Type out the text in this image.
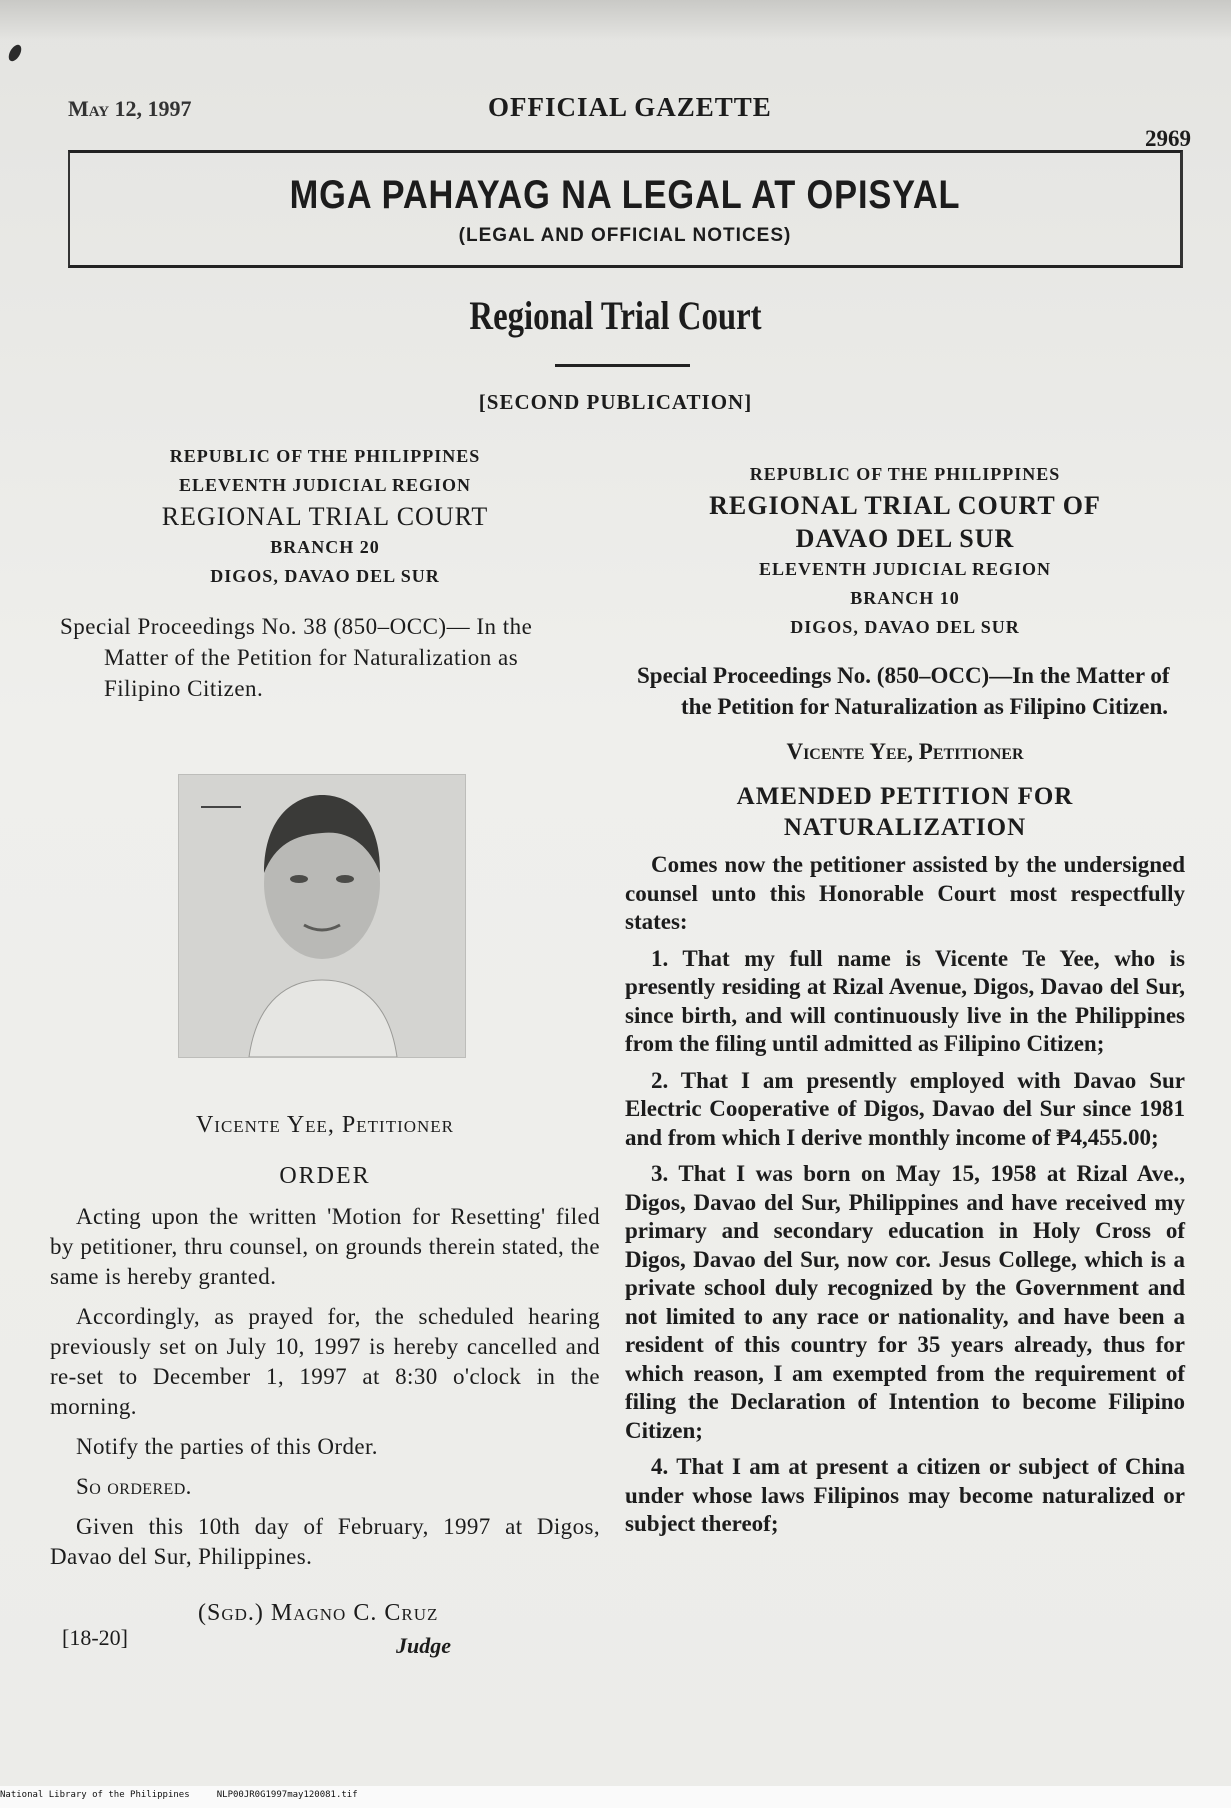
May 12, 1997	OFFICIAL GAZETTE
2969
MGA PAHAYAG NA LEGAL AT OPISYAL
(LEGAL AND OFFICIAL NOTICES)
Regional Trial Court
[SECOND PUBLICATION]
REPUBLIC OF THE PHILIPPINES
ELEVENTH JUDICIAL REGION
REGIONAL TRIAL COURT
BRANCH 20
DIGOS, DAVAO DEL SUR
Special Proceedings No. 38 (850–OCC)— In the Matter of the Petition for Naturalization as Filipino Citizen.
Vicente Yee, Petitioner
ORDER

Acting upon the written 'Motion for Resetting' filed by petitioner, thru counsel, on grounds therein stated, the same is hereby granted.

Accordingly, as prayed for, the scheduled hearing previously set on July 10, 1997 is hereby cancelled and re-set to December 1, 1997 at 8:30 o'clock in the morning.

Notify the parties of this Order.

So ordered.

Given this 10th day of February, 1997 at Digos, Davao del Sur, Philippines.

[18-20]
(Sgd.) Magno C. Cruz
Judge
REPUBLIC OF THE PHILIPPINES
REGIONAL TRIAL COURT OF
DAVAO DEL SUR
ELEVENTH JUDICIAL REGION
BRANCH 10
DIGOS, DAVAO DEL SUR
Special Proceedings No. (850–OCC)—In the Matter of the Petition for Naturalization as Filipino Citizen.
Vicente Yee, Petitioner
AMENDED PETITION FOR
NATURALIZATION

Comes now the petitioner assisted by the undersigned counsel unto this Honorable Court most respectfully states:

1. That my full name is Vicente Te Yee, who is presently residing at Rizal Avenue, Digos, Davao del Sur, since birth, and will continuously live in the Philippines from the filing until admitted as Filipino Citizen;

2. That I am presently employed with Davao Sur Electric Cooperative of Digos, Davao del Sur since 1981 and from which I derive monthly income of ₱4,455.00;

3. That I was born on May 15, 1958 at Rizal Ave., Digos, Davao del Sur, Philippines and have received my primary and secondary education in Holy Cross of Digos, Davao del Sur, now cor. Jesus College, which is a private school duly recognized by the Government and not limited to any race or nationality, and have been a resident of this country for 35 years already, thus for which reason, I am exempted from the requirement of filing the Declaration of Intention to become Filipino Citizen;

4. That I am at present a citizen or subject of China under whose laws Filipinos may become naturalized or subject thereof;

National Library of the Philippines	NLP00JR0G1997may120081.tif
